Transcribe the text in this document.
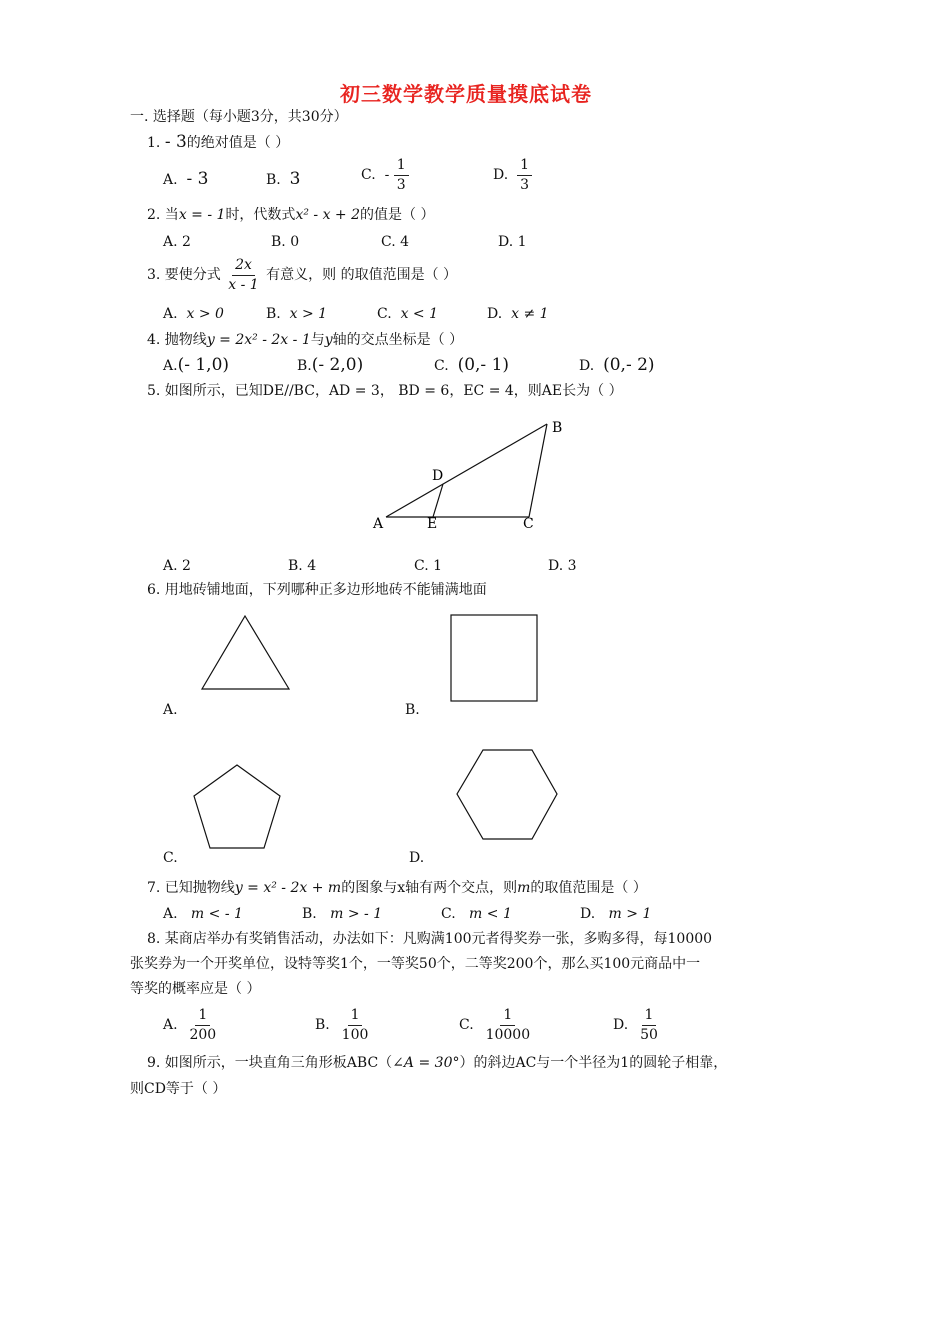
初三数学教学质量摸底试卷
一. 选择题（每小题3分，共30分）
1. - 3的绝对值是（ ）
A. - 3	B. 3	C. - $\frac{1}{3}$	D. $\frac{1}{3}$
2. 当x = - 1时，代数式x² - x + 2的值是（ ）
A. 2	B. 0	C. 4	D. 1
3. 要使分式 $\frac{2x}{x - 1}$ 有意义，则 的取值范围是（ ）
A. x > 0	B. x > 1	C. x < 1	D. x ≠ 1
4. 抛物线y = 2x² - 2x - 1与y轴的交点坐标是（ ）
A.(- 1,0)	B.(- 2,0)	C. (0,- 1)	D. (0,- 2)
5. 如图所示，已知DE//BC，AD = 3， BD = 6，EC = 4，则AE长为（ ）
A
B
C
D
E
A. 2	B. 4	C. 1	D. 3
6. 用地砖铺地面，下列哪种正多边形地砖不能铺满地面
A.	B.
C.	D.
7. 已知抛物线y = x² - 2x + m的图象与x轴有两个交点，则m的取值范围是（ ）
A. m < - 1	B. m > - 1	C. m < 1	D. m > 1
8. 某商店举办有奖销售活动，办法如下：凡购满100元者得奖券一张，多购多得，每10000
张奖券为一个开奖单位，设特等奖1个，一等奖50个，二等奖200个，那么买100元商品中一
等奖的概率应是（ ）
A. $\frac{1}{200}$	B. $\frac{1}{100}$	C. $\frac{1}{10000}$	D. $\frac{1}{50}$
9. 如图所示，一块直角三角形板ABC（∠A = 30°）的斜边AC与一个半径为1的圆轮子相靠，
则CD等于（ ）
